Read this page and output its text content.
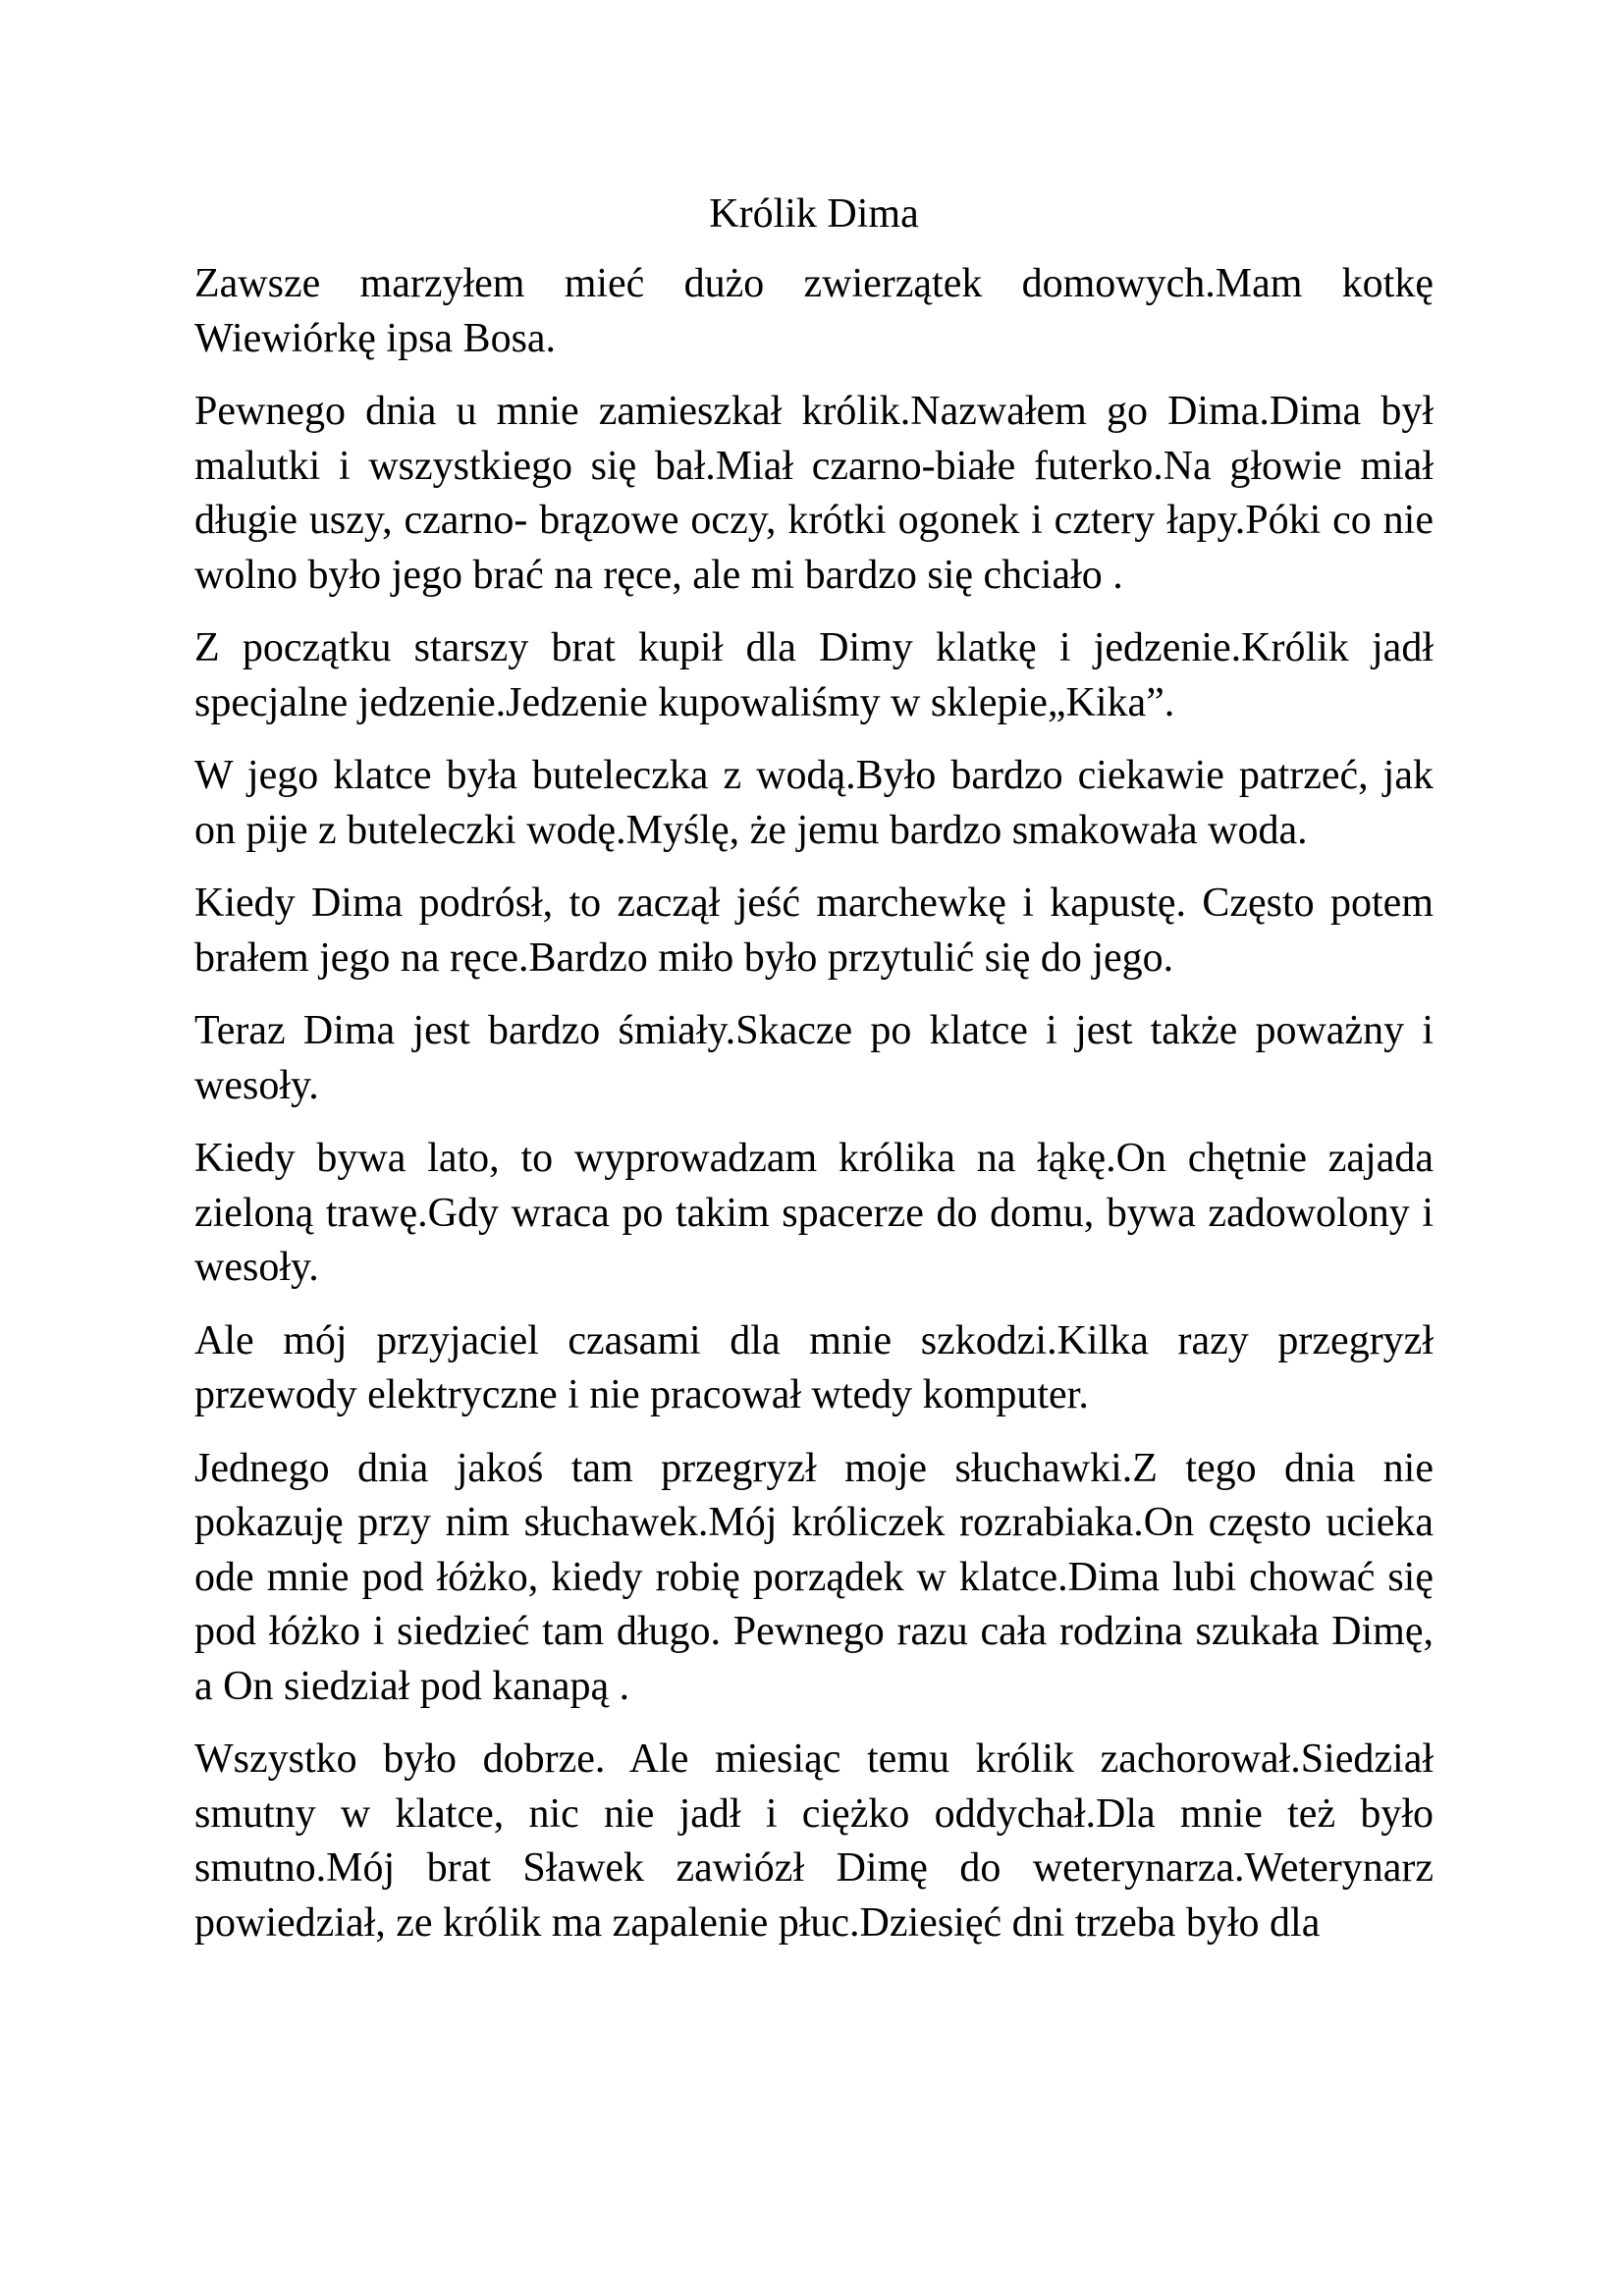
Królik Dima

Zawsze marzyłem mieć dużo zwierzątek domowych.Mam kotkę Wiewiórkę ipsa Bosa.

Pewnego dnia u mnie zamieszkał królik.Nazwałem go Dima.Dima był malutki i wszystkiego się bał.Miał czarno-białe futerko.Na głowie miał długie uszy, czarno- brązowe oczy, krótki ogonek i cztery łapy.Póki co nie wolno było jego brać na ręce, ale mi bardzo się chciało .

Z początku starszy brat kupił dla Dimy klatkę i jedzenie.Królik jadł specjalne jedzenie.Jedzenie kupowaliśmy w sklepie„Kika”.

W jego klatce była buteleczka z wodą.Było bardzo ciekawie patrzeć, jak on pije z buteleczki wodę.Myślę, że jemu bardzo smakowała woda.

Kiedy Dima podrósł, to zaczął jeść marchewkę i kapustę. Często potem brałem jego na ręce.Bardzo miło było przytulić się do jego.

Teraz Dima jest bardzo śmiały.Skacze po klatce i jest także poważny i wesoły.

Kiedy bywa lato, to wyprowadzam królika na łąkę.On chętnie zajada zieloną trawę.Gdy wraca po takim spacerze do domu, bywa zadowolony i wesoły.

Ale mój przyjaciel czasami dla mnie szkodzi.Kilka razy przegryzł przewody elektryczne i nie pracował wtedy komputer.

Jednego dnia jakoś tam przegryzł moje słuchawki.Z tego dnia nie pokazuję przy nim słuchawek.Mój króliczek rozrabiaka.On często ucieka ode mnie pod łóżko, kiedy robię porządek w klatce.Dima lubi chować się pod łóżko i siedzieć tam długo. Pewnego razu cała rodzina szukała Dimę, a On siedział pod kanapą .

Wszystko było dobrze. Ale miesiąc temu królik zachorował.Siedział smutny w klatce, nic nie jadł i ciężko oddychał.Dla mnie też było smutno.Mój brat Sławek zawiózł Dimę do weterynarza.Weterynarz powiedział, ze królik ma zapalenie płuc.Dziesięć dni trzeba było dla
